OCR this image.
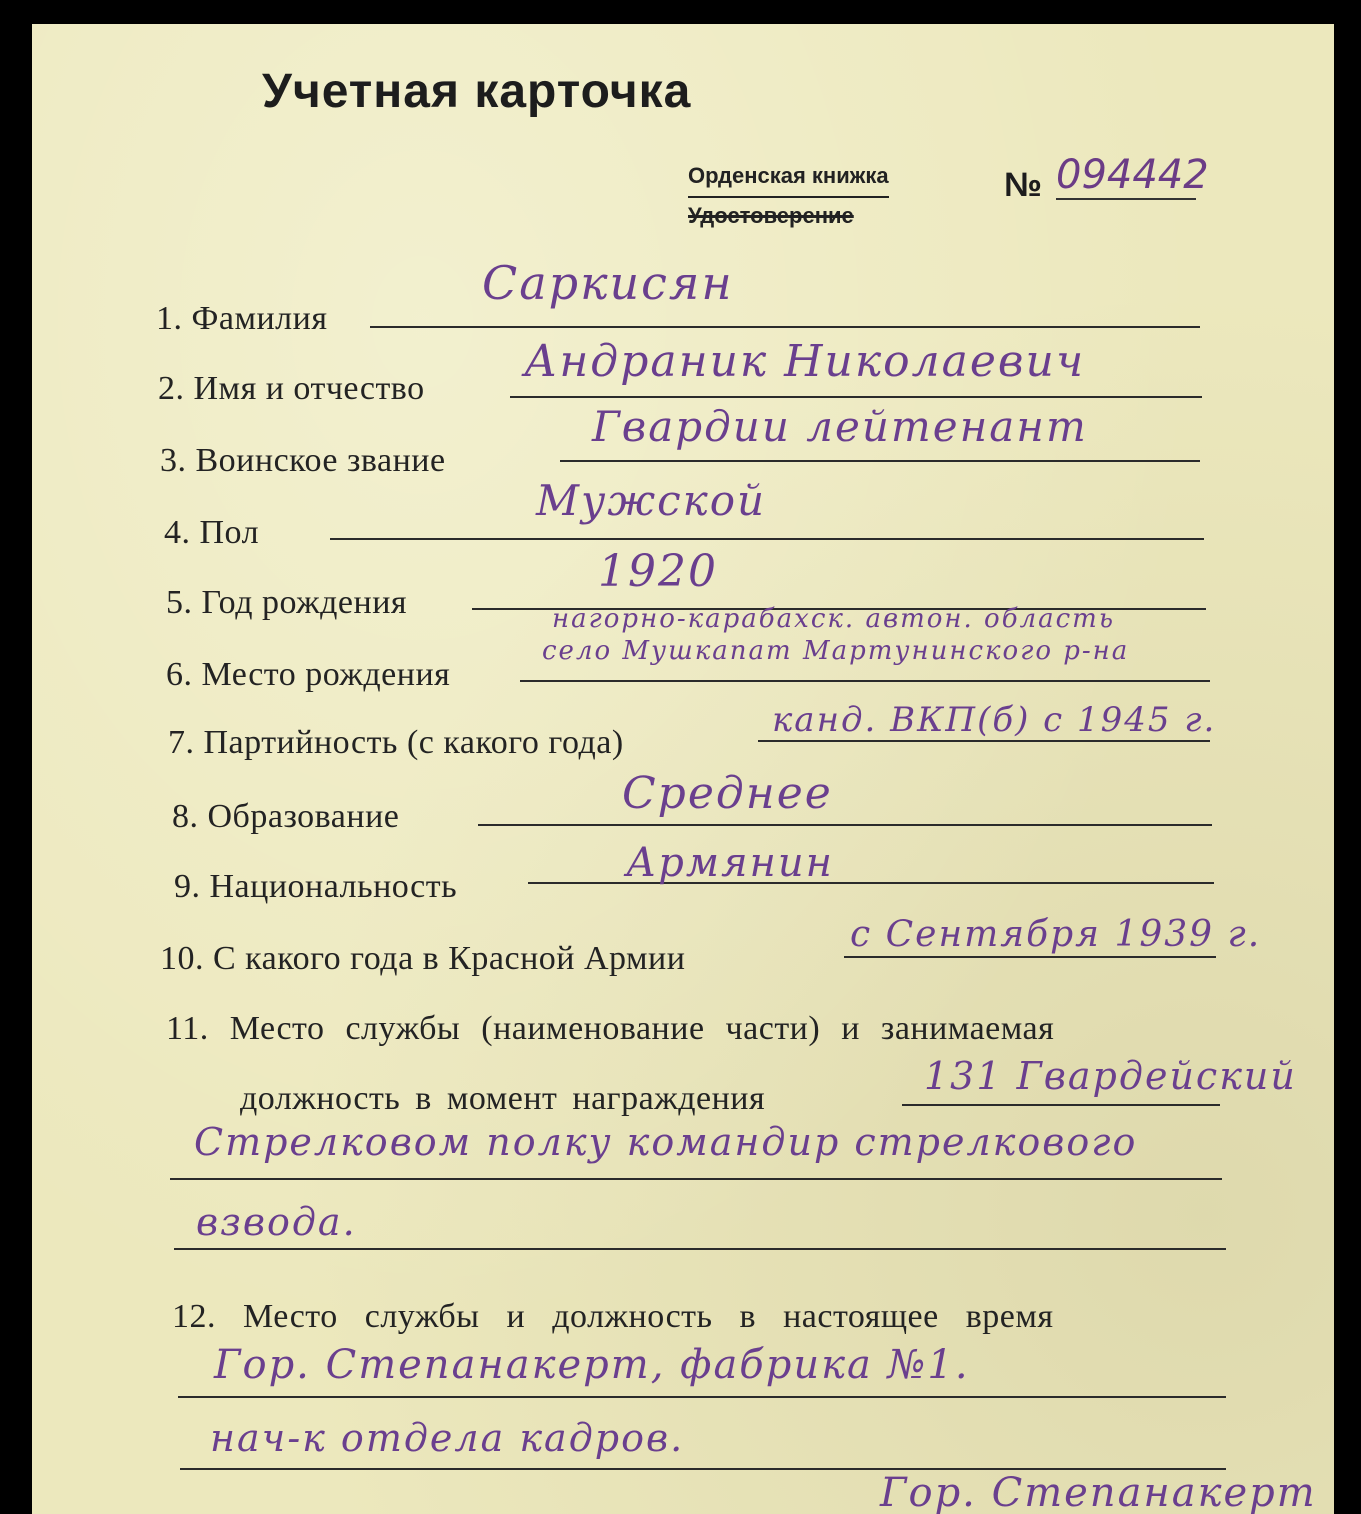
Учетная карточка
Орденская книжка
Удостоверение
№ 094442
1. Фамилия
Саркисян
2. Имя и отчество
Андраник Николаевич
3. Воинское звание
Гвардии лейтенант
4. Пол
Мужской
5. Год рождения
1920
6. Место рождения
нагорно-карабахск. автон. область
село Мушкапат Мартунинского р-на
7. Партийность (с какого года)
канд. ВКП(б) с 1945 г.
8. Образование	Среднее
9. Национальность
Армянин
10. С какого года в Красной Армии
с Сентября 1939 г.
11. Место службы (наименование части) и занимаемая
должность в момент награждения
131 Гвардейский
Стрелковом полку командир стрелкового
взвода.
12. Место службы и должность в настоящее время
Гор. Степанакерт, фабрика №1.
нач-к отдела кадров.
Гор. Степанакерт
